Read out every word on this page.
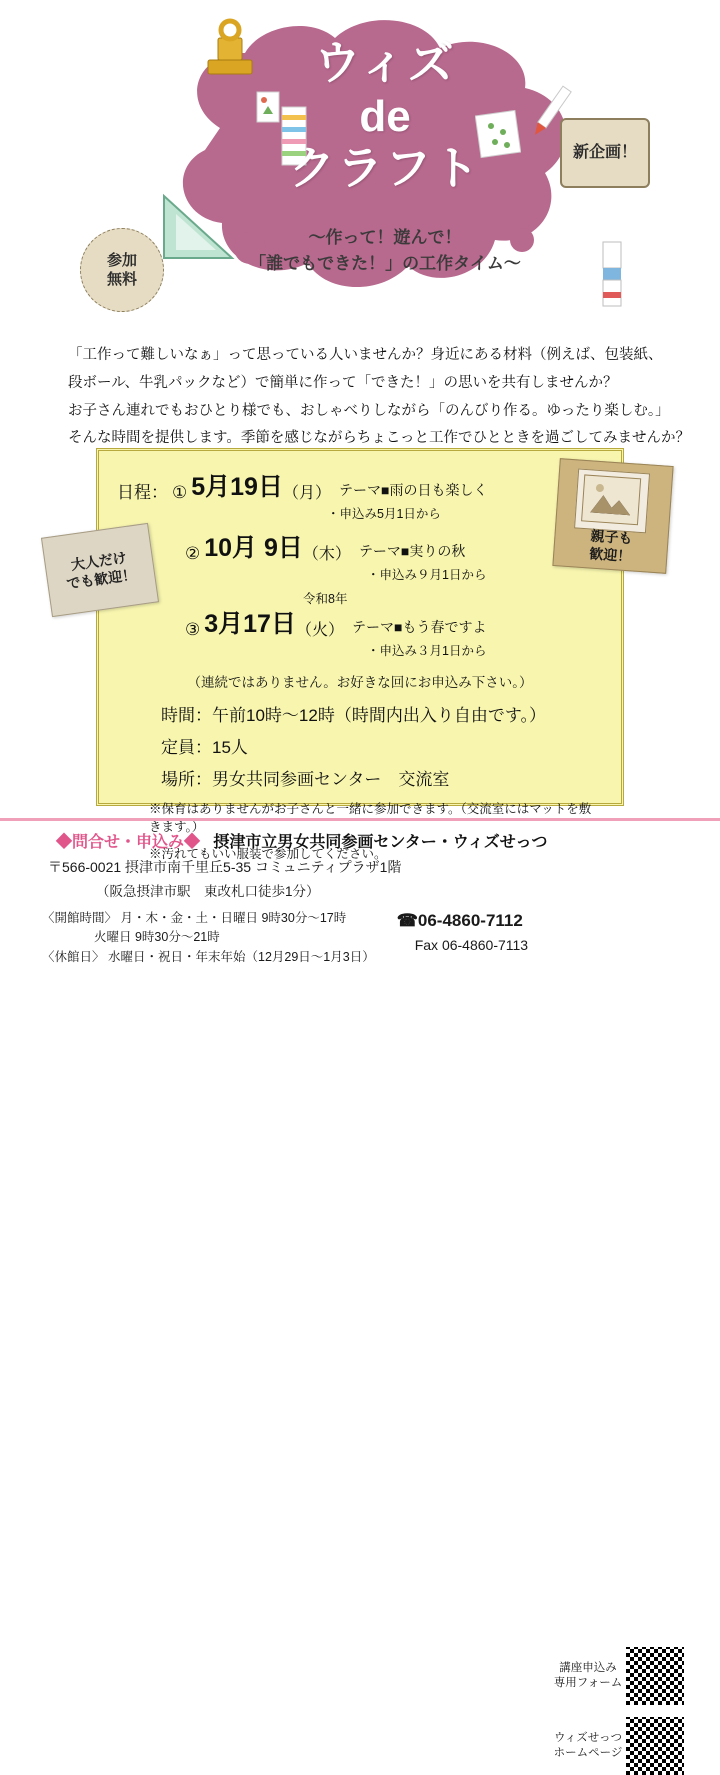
ウィズ
de
クラフト
〜作って！遊んで！
「誰でもできた！」の工作タイム〜
参加
無料
新企画！
「工作って難しいなぁ」って思っている人いませんか？身近にある材料（例えば、包装紙、
段ボール、牛乳パックなど）で簡単に作って「できた！」の思いを共有しませんか？
お子さん連れでもおひとり様でも、おしゃべりしながら「のんびり作る。ゆったり楽しむ。」
そんな時間を提供します。季節を感じながらちょこっと工作でひとときを過ごしてみませんか？
日程： ① 5月19日 （月） テーマ■雨の日も楽しく
・申込み5月1日から
② 10月 9日 （木） テーマ■実りの秋
・申込み９月1日から
令和8年
③ 3月17日 （火） テーマ■もう春ですよ
・申込み３月1日から
（連続ではありません。お好きな回にお申込み下さい。）
時間：午前10時〜12時（時間内出入り自由です。）
定員：15人
場所：男女共同参画センター　交流室
※保育はありませんがお子さんと一緒に参加できます。（交流室にはマットを敷きます。）
※汚れてもいい服装で参加してください。
大人だけ
でも歓迎！
親子も
歓迎！
◆問合せ・申込み◆ 摂津市立男女共同参画センター・ウィズせっつ
〒566-0021 摂津市南千里丘5-35 コミュニティプラザ1階
（阪急摂津市駅　東改札口徒歩1分）
〈開館時間〉 月・木・金・土・日曜日 9時30分〜17時
火曜日 9時30分〜21時
〈休館日〉 水曜日・祝日・年末年始（12月29日〜1月3日）
☎06-4860-7112
Fax 06-4860-7113
講座申込み
専用フォーム
ウィズせっつ
ホームページ
